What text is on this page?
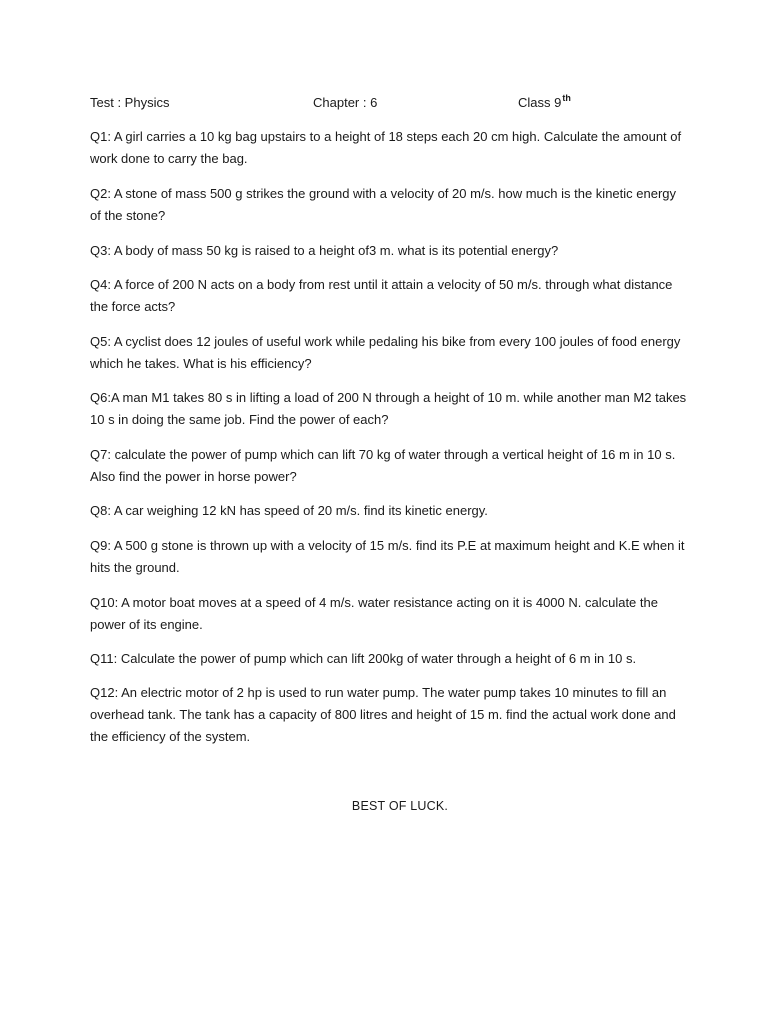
Test : Physics	Chapter : 6	Class 9th

Q1: A girl carries a 10 kg bag upstairs to a height of 18 steps each 20 cm high. Calculate the amount of work done to carry the bag.

Q2: A stone of mass 500 g strikes the ground with a velocity of 20 m/s. how much is the kinetic energy of the stone?

Q3: A body of mass 50 kg is raised to a height of3 m. what is its potential energy?

Q4: A force of 200 N acts on a body from rest until it attain a velocity of 50 m/s. through what distance the force acts?

Q5: A cyclist does 12 joules of useful work while pedaling his bike from every 100 joules of food energy which he takes. What is his efficiency?

Q6:A man M1 takes 80 s in lifting a load of 200 N through a height of 10 m. while another man M2 takes 10 s in doing the same job. Find the power of each?

Q7: calculate the power of pump which can lift 70 kg of water through a vertical height of 16 m in 10 s. Also find the power in horse power?

Q8: A car weighing 12 kN has speed of 20 m/s. find its kinetic energy.

Q9: A 500 g stone is thrown up with a velocity of 15 m/s. find its P.E at maximum height and K.E when it hits the ground.

Q10: A motor boat moves at a speed of 4 m/s. water resistance acting on it is 4000 N. calculate the power of its engine.

Q11: Calculate the power of pump which can lift 200kg of water through a height of 6 m in 10 s.

Q12: An electric motor of 2 hp is used to run water pump. The water pump takes 10 minutes to fill an overhead tank. The tank has a capacity of 800 litres and height of 15 m. find the actual work done and the efficiency of the system.

BEST OF LUCK.
